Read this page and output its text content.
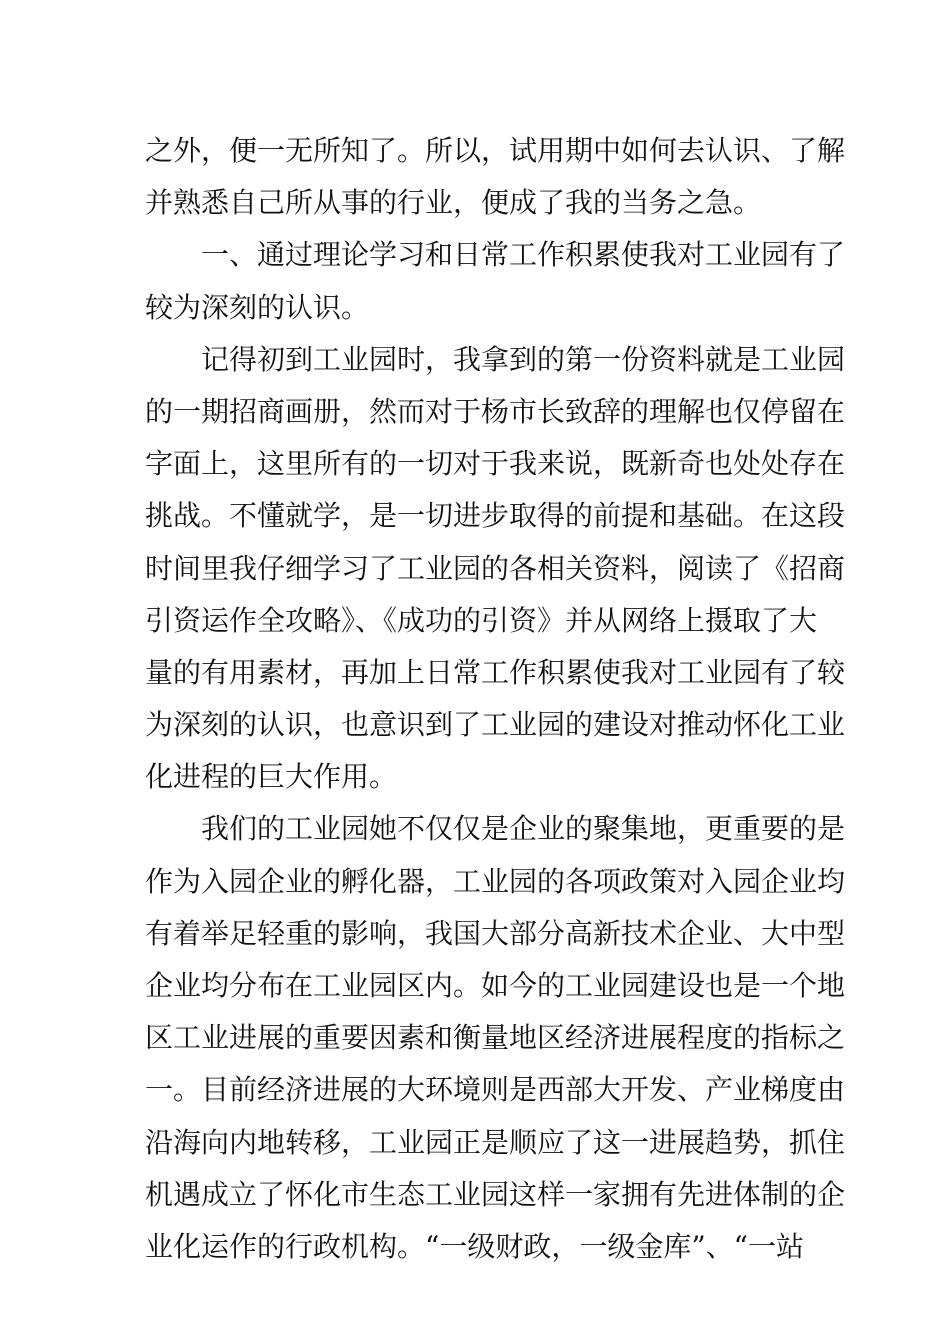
之外，便一无所知了。所以，试用期中如何去认识、了解
并熟悉自己所从事的行业，便成了我的当务之急。
一、通过理论学习和日常工作积累使我对工业园有了
较为深刻的认识。
记得初到工业园时，我拿到的第一份资料就是工业园
的一期招商画册，然而对于杨市长致辞的理解也仅停留在
字面上，这里所有的一切对于我来说，既新奇也处处存在
挑战。不懂就学，是一切进步取得的前提和基础。在这段
时间里我仔细学习了工业园的各相关资料，阅读了《招商
引资运作全攻略》、《成功的引资》并从网络上摄取了大
量的有用素材，再加上日常工作积累使我对工业园有了较
为深刻的认识，也意识到了工业园的建设对推动怀化工业
化进程的巨大作用。
我们的工业园她不仅仅是企业的聚集地，更重要的是
作为入园企业的孵化器，工业园的各项政策对入园企业均
有着举足轻重的影响，我国大部分高新技术企业、大中型
企业均分布在工业园区内。如今的工业园建设也是一个地
区工业进展的重要因素和衡量地区经济进展程度的指标之
一。目前经济进展的大环境则是西部大开发、产业梯度由
沿海向内地转移，工业园正是顺应了这一进展趋势，抓住
机遇成立了怀化市生态工业园这样一家拥有先进体制的企
业化运作的行政机构。“一级财政，一级金库”、“一站
